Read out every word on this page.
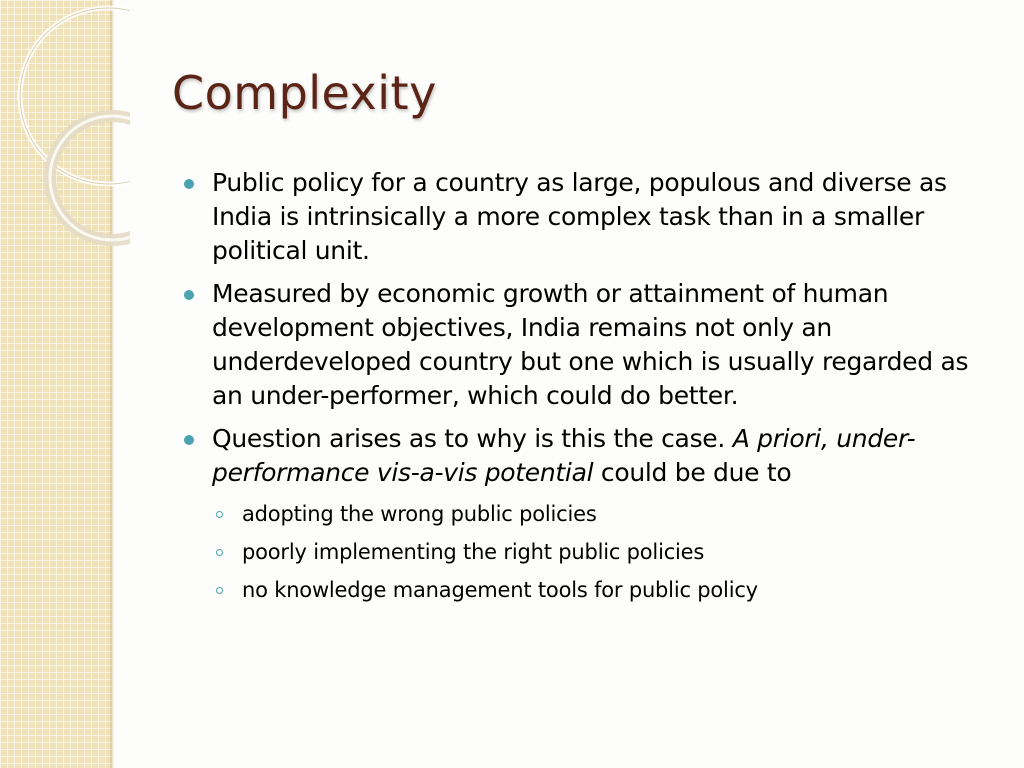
Complexity
Public policy for a country as large, populous and diverse as India is intrinsically a more complex task than in a smaller political unit.
Measured by economic growth or attainment of human development objectives, India remains not only an underdeveloped country but one which is usually regarded as an under-performer, which could do better.
Question arises as to why is this the case. A priori, under-performance vis-a-vis potential could be due to
adopting the wrong public policies
poorly implementing the right public policies
no knowledge management tools for public policy
